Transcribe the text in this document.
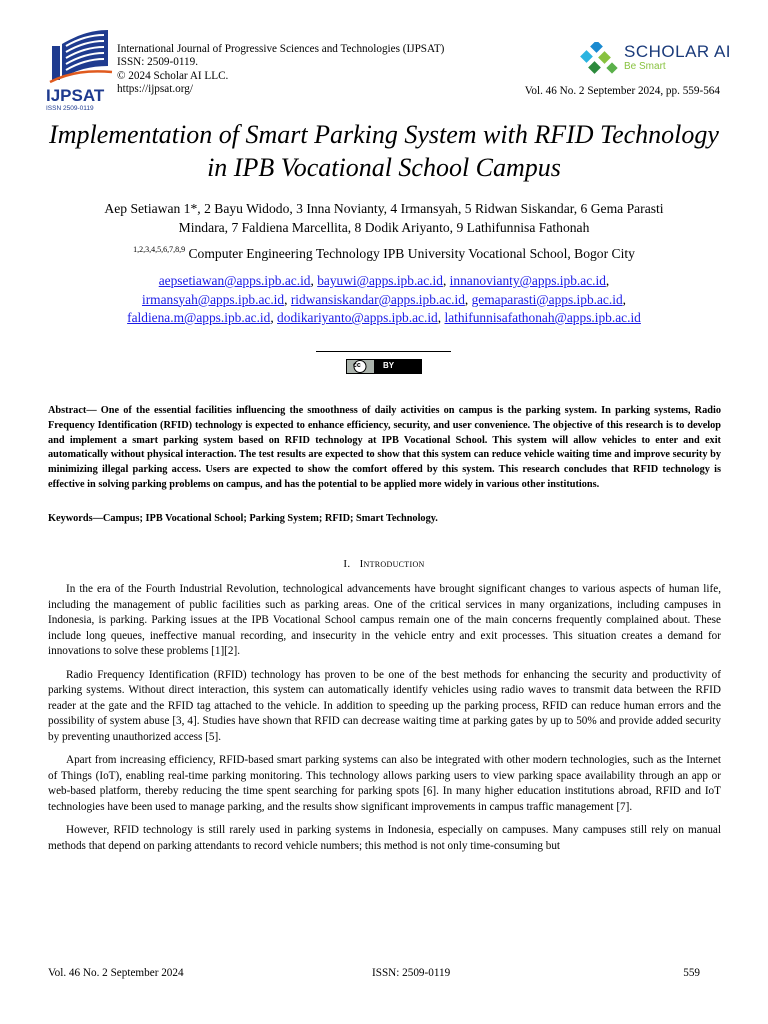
IJPSAT
ISSN 2509-0119
International Journal of Progressive Sciences and Technologies (IJPSAT)
ISSN: 2509-0119.
© 2024 Scholar AI LLC.
https://ijpsat.org/
SCHOLAR AI
Be Smart
Vol. 46 No. 2 September 2024, pp. 559-564
Implementation of Smart Parking System with RFID Technology
in IPB Vocational School Campus
Aep Setiawan 1*, 2 Bayu Widodo, 3 Inna Novianty, 4 Irmansyah, 5 Ridwan Siskandar, 6 Gema Parasti
Mindara, 7 Faldiena Marcellita, 8 Dodik Ariyanto, 9 Lathifunnisa Fathonah
$^{1,2,3,4,5,6,7,8,9}$ Computer Engineering Technology IPB University Vocational School, Bogor City
aepsetiawan@apps.ipb.ac.id, bayuwi@apps.ipb.ac.id, innanovianty@apps.ipb.ac.id,
irmansyah@apps.ipb.ac.id, ridwansiskandar@apps.ipb.ac.id, gemaparasti@apps.ipb.ac.id,
faldiena.m@apps.ipb.ac.id, dodikariyanto@apps.ipb.ac.id, lathifunnisafathonah@apps.ipb.ac.id
cc	BY
Abstract— One of the essential facilities influencing the smoothness of daily activities on campus is the parking system. In parking systems, Radio Frequency Identification (RFID) technology is expected to enhance efficiency, security, and user convenience. The objective of this research is to develop and implement a smart parking system based on RFID technology at IPB Vocational School. This system will allow vehicles to enter and exit automatically without physical interaction. The test results are expected to show that this system can reduce vehicle waiting time and improve security by minimizing illegal parking access. Users are expected to show the comfort offered by this system. This research concludes that RFID technology is effective in solving parking problems on campus, and has the potential to be applied more widely in various other institutions.
Keywords—Campus; IPB Vocational School; Parking System; RFID; Smart Technology.
I. Introduction

In the era of the Fourth Industrial Revolution, technological advancements have brought significant changes to various aspects of human life, including the management of public facilities such as parking areas. One of the critical services in many organizations, including campuses in Indonesia, is parking. Parking issues at the IPB Vocational School campus remain one of the main concerns frequently complained about. These include long queues, ineffective manual recording, and insecurity in the vehicle entry and exit processes. This situation creates a demand for innovations to solve these problems [1][2].

Radio Frequency Identification (RFID) technology has proven to be one of the best methods for enhancing the security and productivity of parking systems. Without direct interaction, this system can automatically identify vehicles using radio waves to transmit data between the RFID reader at the gate and the RFID tag attached to the vehicle. In addition to speeding up the parking process, RFID can reduce human errors and the possibility of system abuse [3, 4]. Studies have shown that RFID can decrease waiting time at parking gates by up to 50% and provide added security by preventing unauthorized access [5].

Apart from increasing efficiency, RFID-based smart parking systems can also be integrated with other modern technologies, such as the Internet of Things (IoT), enabling real-time parking monitoring. This technology allows parking users to view parking space availability through an app or web-based platform, thereby reducing the time spent searching for parking spots [6]. In many higher education institutions abroad, RFID and IoT technologies have been used to manage parking, and the results show significant improvements in campus traffic management [7].

However, RFID technology is still rarely used in parking systems in Indonesia, especially on campuses. Many campuses still rely on manual methods that depend on parking attendants to record vehicle numbers; this method is not only time-consuming but

Vol. 46 No. 2 September 2024	ISSN: 2509-0119	559
